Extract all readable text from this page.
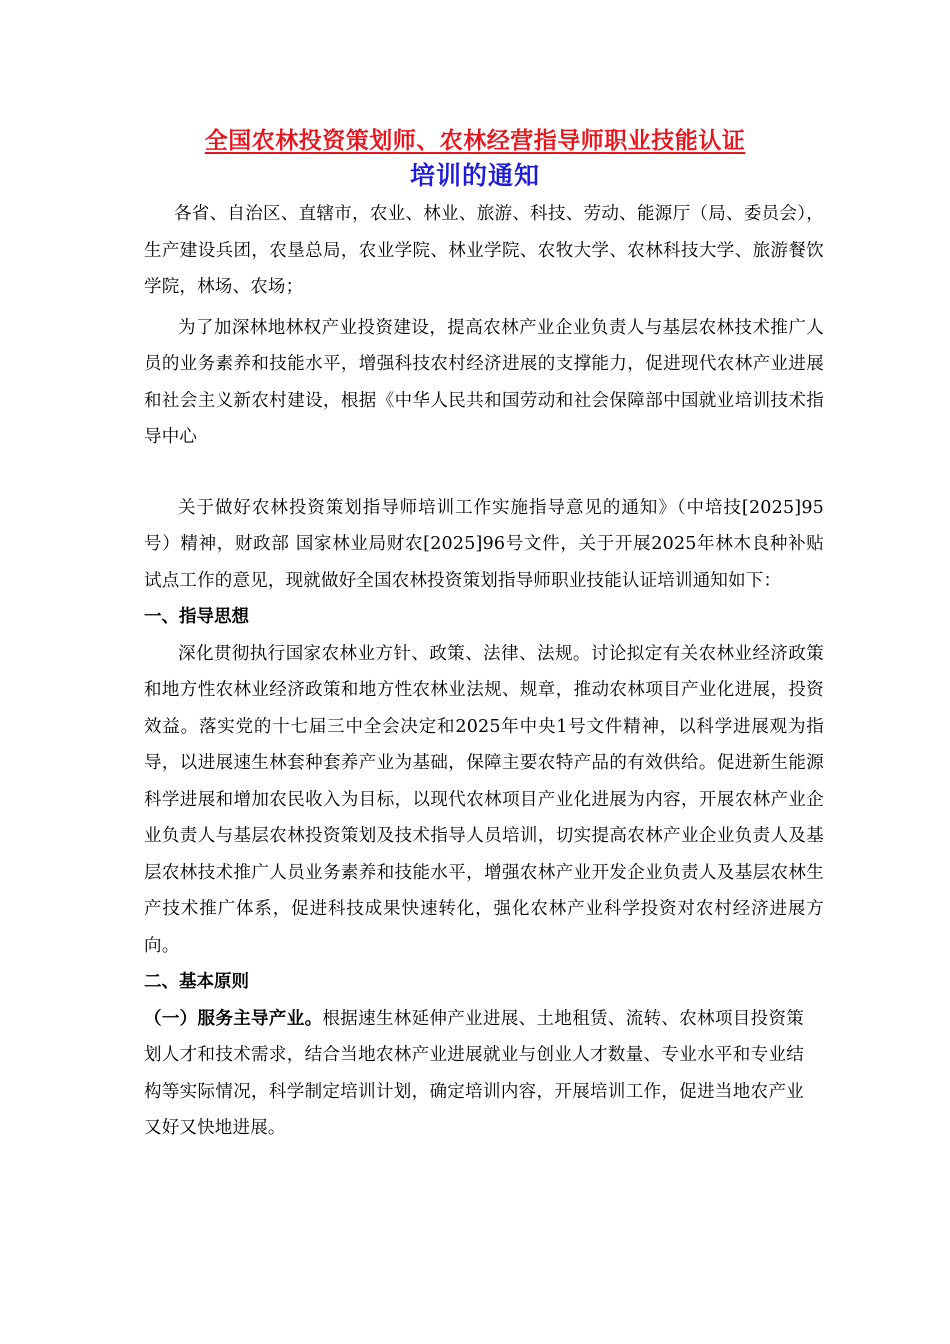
全国农林投资策划师、农林经营指导师职业技能认证
培训的通知

各省、自治区、直辖市，农业、林业、旅游、科技、劳动、能源厅（局、委员会），生产建设兵团，农垦总局，农业学院、林业学院、农牧大学、农林科技大学、旅游餐饮学院，林场、农场；

为了加深林地林权产业投资建设，提高农林产业企业负责人与基层农林技术推广人员的业务素养和技能水平，增强科技农村经济进展的支撑能力，促进现代农林产业进展和社会主义新农村建设，根据《中华人民共和国劳动和社会保障部中国就业培训技术指导中心

关于做好农林投资策划指导师培训工作实施指导意见的通知》（中培技[2025]95号）精神，财政部 国家林业局财农[2025]96号文件，关于开展2025年林木良种补贴试点工作的意见，现就做好全国农林投资策划指导师职业技能认证培训通知如下：

一、指导思想

深化贯彻执行国家农林业方针、政策、法律、法规。讨论拟定有关农林业经济政策和地方性农林业经济政策和地方性农林业法规、规章，推动农林项目产业化进展，投资效益。落实党的十七届三中全会决定和2025年中央1号文件精神，以科学进展观为指导，以进展速生林套种套养产业为基础，保障主要农特产品的有效供给。促进新生能源科学进展和增加农民收入为目标，以现代农林项目产业化进展为内容，开展农林产业企业负责人与基层农林投资策划及技术指导人员培训，切实提高农林产业企业负责人及基层农林技术推广人员业务素养和技能水平，增强农林产业开发企业负责人及基层农林生产技术推广体系，促进科技成果快速转化，强化农林产业科学投资对农村经济进展方向。

二、基本原则

（一）服务主导产业。根据速生林延伸产业进展、土地租赁、流转、农林项目投资策划人才和技术需求，结合当地农林产业进展就业与创业人才数量、专业水平和专业结构等实际情况，科学制定培训计划，确定培训内容，开展培训工作，促进当地农产业又好又快地进展。
